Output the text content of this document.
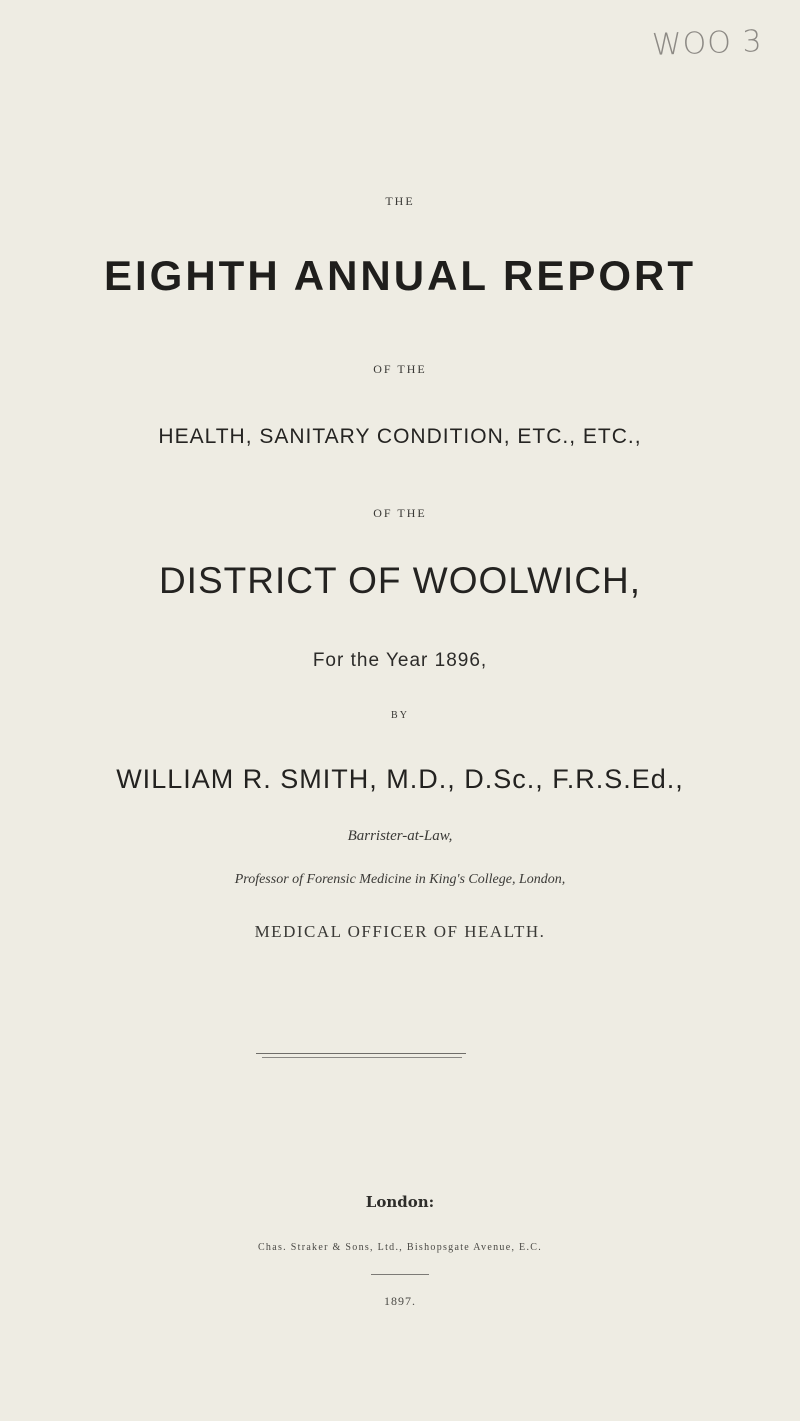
WOO 3
THE
EIGHTH ANNUAL REPORT
OF THE
HEALTH, SANITARY CONDITION, ETC., ETC.,
OF THE
DISTRICT OF WOOLWICH,
For the Year 1896,
BY
WILLIAM R. SMITH, M.D., D.Sc., F.R.S.Ed.,
Barrister-at-Law,
Professor of Forensic Medicine in King's College, London,
MEDICAL OFFICER OF HEALTH.
London:
Chas. Straker & Sons, Ltd., Bishopsgate Avenue, E.C.
1897.
